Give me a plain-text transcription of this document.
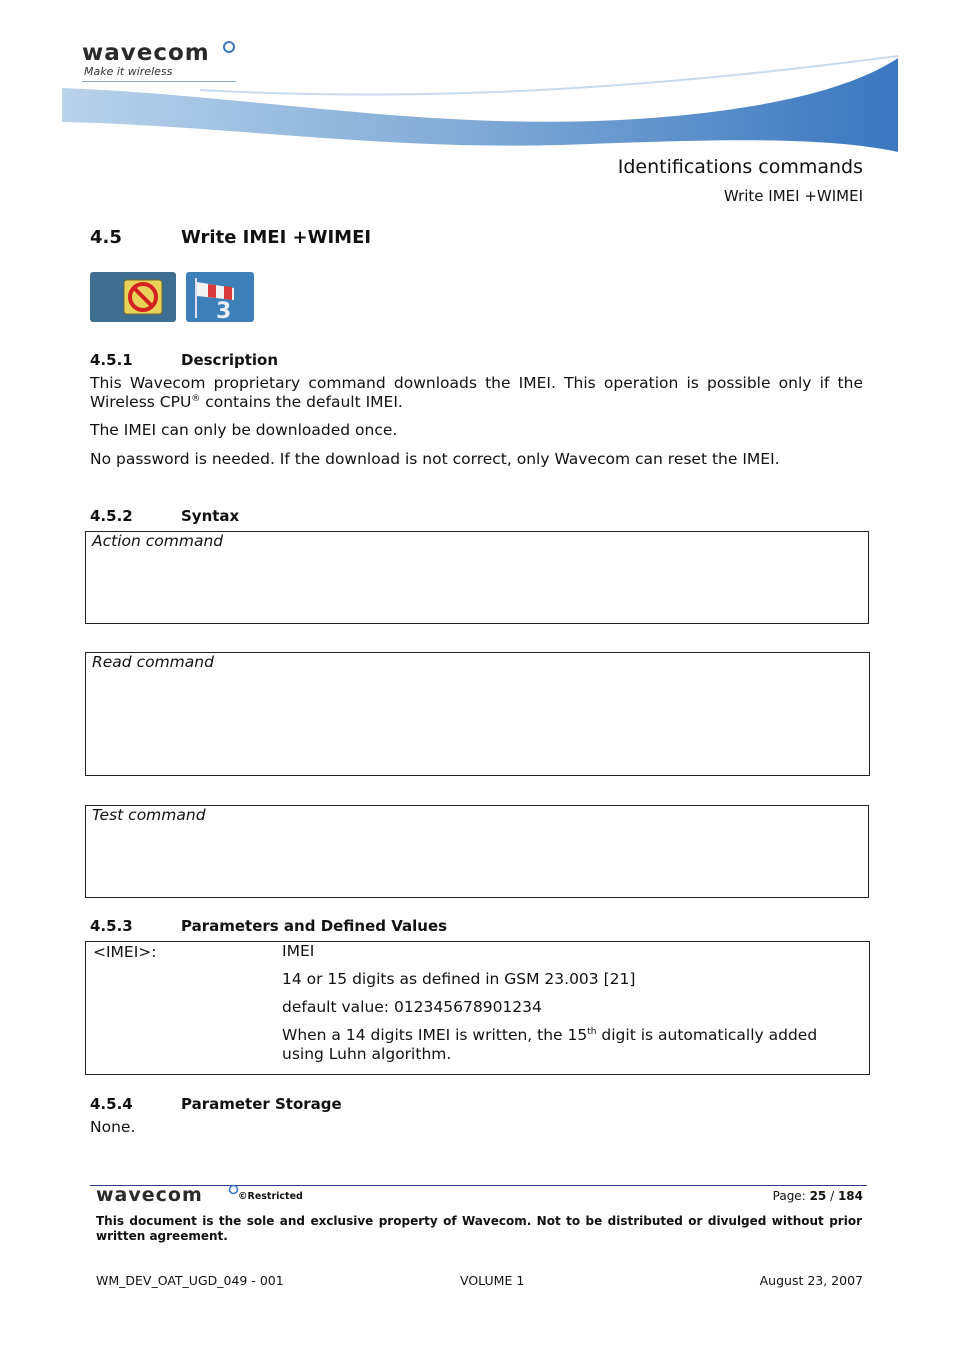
wavecom
Make it wireless
Identifications commands
Write IMEI +WIMEI
4.5	Write IMEI +WIMEI
3
4.5.1	Description

This Wavecom proprietary command downloads the IMEI. This operation is possible only if the Wireless CPU® contains the default IMEI.

The IMEI can only be downloaded once.

No password is needed. If the download is not correct, only Wavecom can reset the IMEI.

4.5.2	Syntax
Action command
Read command
Test command
4.5.3	Parameters and Defined Values
<IMEI>:	IMEI
14 or 15 digits as defined in GSM 23.003 [21]
default value: 012345678901234
When a 14 digits IMEI is written, the 15th digit is automatically added using Luhn algorithm.
4.5.4	Parameter Storage

None.

wavecom	©Restricted	Page: 25 / 184
This document is the sole and exclusive property of Wavecom. Not to be distributed or divulged without prior written agreement.
WM_DEV_OAT_UGD_049 - 001	VOLUME 1	August 23, 2007
